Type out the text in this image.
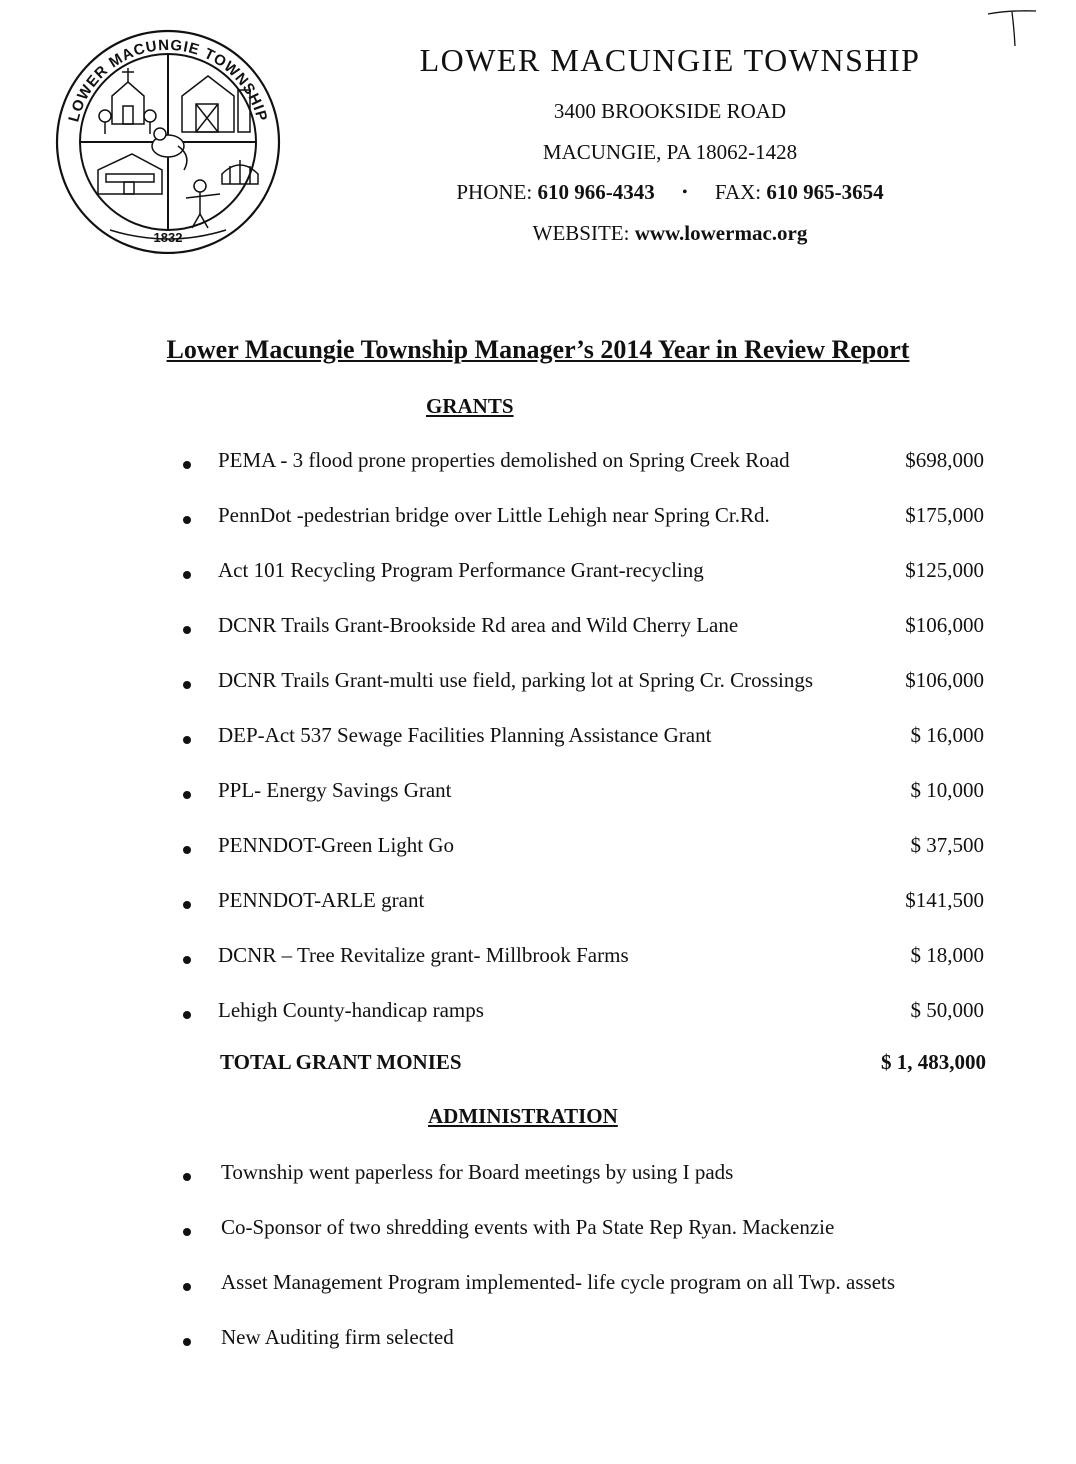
LOWER MACUNGIE TOWNSHIP
1832
LOWER MACUNGIE TOWNSHIP
3400 BROOKSIDE ROAD
MACUNGIE, PA 18062-1428
PHONE: 610 966-4343 • FAX: 610 965-3654
WEBSITE: www.lowermac.org
Lower Macungie Township Manager’s 2014 Year in Review Report
GRANTS
PEMA - 3 flood prone properties demolished on Spring Creek Road	$698,000
PennDot -pedestrian bridge over Little Lehigh near Spring Cr.Rd.	$175,000
Act 101 Recycling Program Performance Grant-recycling	$125,000
DCNR Trails Grant-Brookside Rd area and Wild Cherry Lane	$106,000
DCNR Trails Grant-multi use field, parking lot at Spring Cr. Crossings	$106,000
DEP-Act 537 Sewage Facilities Planning Assistance Grant	$ 16,000
PPL- Energy Savings Grant	$ 10,000
PENNDOT-Green Light Go	$ 37,500
PENNDOT-ARLE grant	$141,500
DCNR – Tree Revitalize grant- Millbrook Farms	$ 18,000
Lehigh County-handicap ramps	$ 50,000
TOTAL GRANT MONIES	$ 1, 483,000
ADMINISTRATION
Township went paperless for Board meetings by using I pads
Co-Sponsor of two shredding events with Pa State Rep Ryan. Mackenzie
Asset Management Program implemented- life cycle program on all Twp. assets
New Auditing firm selected
